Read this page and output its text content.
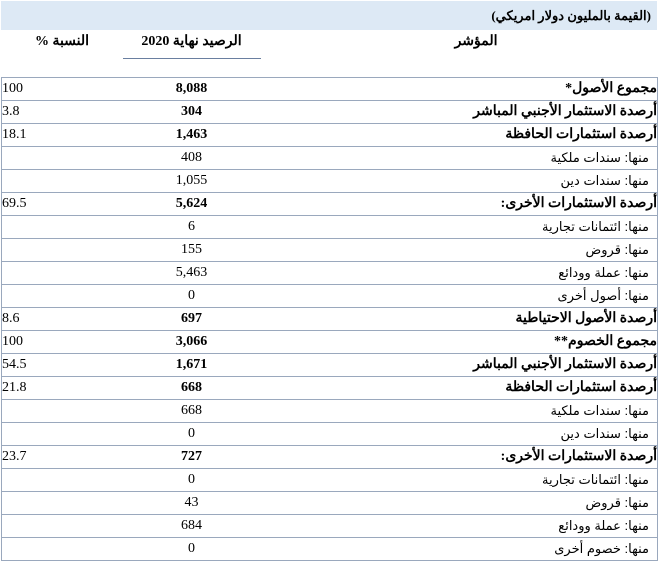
(القيمة بالمليون دولار امريكي)
المؤشر	الرصيد نهاية 2020	النسبة %

مجموع الأصول*	8,088	100
أرصدة الاستثمار الأجنبي المباشر	304	3.8
أرصدة استثمارات الحافظة	1,463	18.1
منها: سندات ملكية	408	
منها: سندات دين	1,055	
أرصدة الاستثمارات الأخرى:	5,624	69.5
منها: ائتمانات تجارية	6	
منها: قروض	155	
منها: عملة وودائع	5,463	
منها: أصول أخرى	0	
أرصدة الأصول الاحتياطية	697	8.6
مجموع الخصوم**	3,066	100
أرصدة الاستثمار الأجنبي المباشر	1,671	54.5
أرصدة استثمارات الحافظة	668	21.8
منها: سندات ملكية	668	
منها: سندات دين	0	
أرصدة الاستثمارات الأخرى:	727	23.7
منها: ائتمانات تجارية	0	
منها: قروض	43	
منها: عملة وودائع	684	
منها: خصوم أخرى	0	
